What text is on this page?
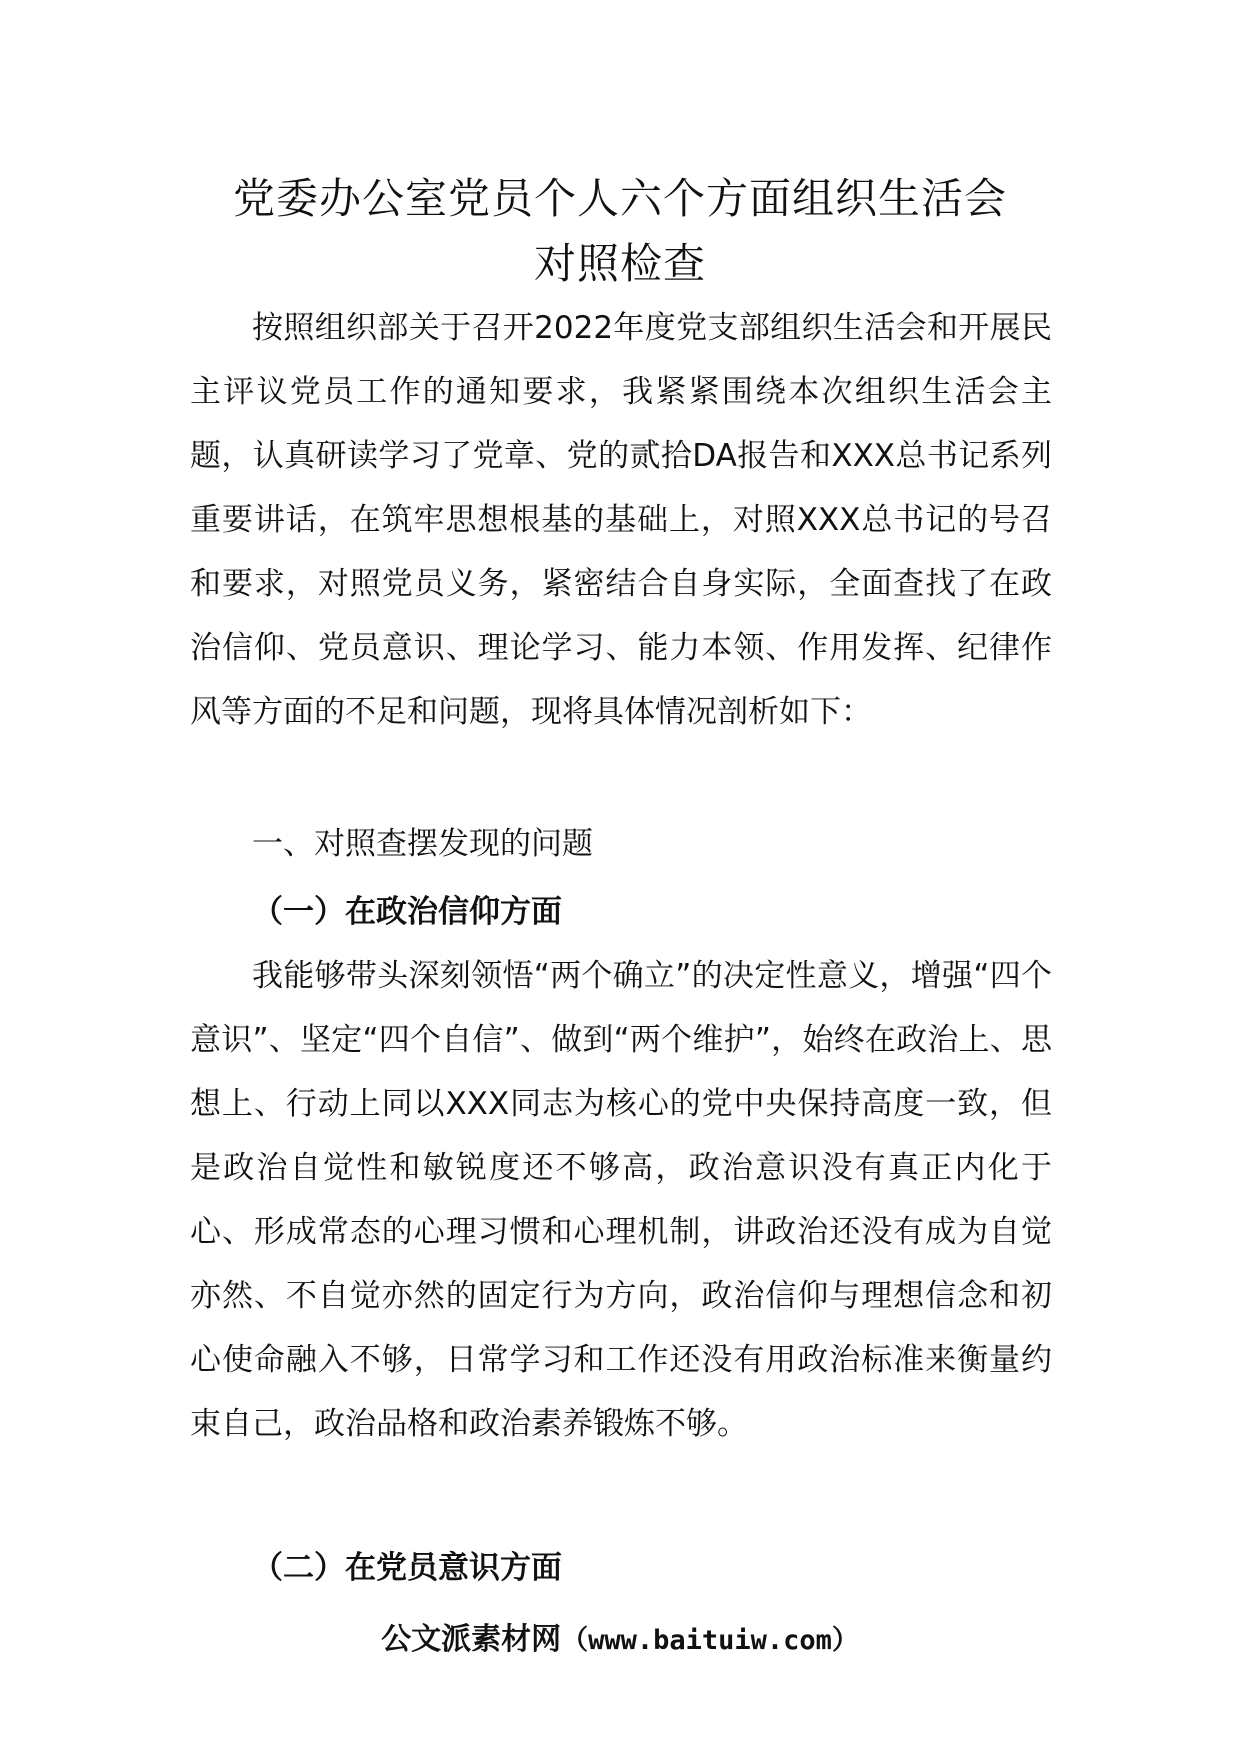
党委办公室党员个人六个方面组织生活会
对照检查

按照组织部关于召开2022年度党支部组织生活会和开展民主评议党员工作的通知要求，我紧紧围绕本次组织生活会主题，认真研读学习了党章、党的贰拾DA报告和XXX总书记系列重要讲话，在筑牢思想根基的基础上，对照XXX总书记的号召和要求，对照党员义务，紧密结合自身实际，全面查找了在政治信仰、党员意识、理论学习、能力本领、作用发挥、纪律作风等方面的不足和问题，现将具体情况剖析如下：

一、对照查摆发现的问题

（一）在政治信仰方面

我能够带头深刻领悟“两个确立”的决定性意义，增强“四个意识”、坚定“四个自信”、做到“两个维护”，始终在政治上、思想上、行动上同以XXX同志为核心的党中央保持高度一致，但是政治自觉性和敏锐度还不够高，政治意识没有真正内化于心、形成常态的心理习惯和心理机制，讲政治还没有成为自觉亦然、不自觉亦然的固定行为方向，政治信仰与理想信念和初心使命融入不够，日常学习和工作还没有用政治标准来衡量约束自己，政治品格和政治素养锻炼不够。

（二）在党员意识方面

公文派素材网（www.baituiw.com）
